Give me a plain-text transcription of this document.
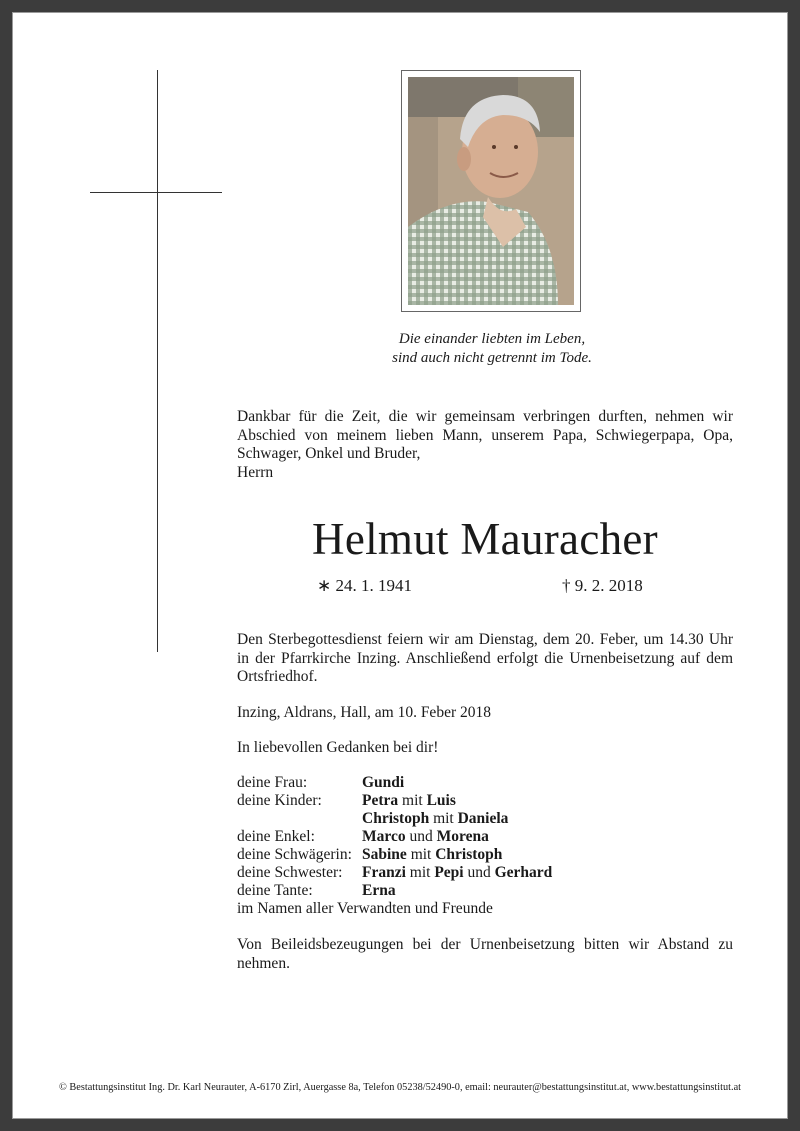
Die einander liebten im Leben,
sind auch nicht getrennt im Tode.
Dankbar für die Zeit, die wir gemeinsam verbringen durften, nehmen wir
Abschied von meinem lieben Mann, unserem Papa, Schwiegerpapa, Opa,
Schwager, Onkel und Bruder,
Herrn
Helmut Mauracher
∗ 24. 1. 1941	† 9. 2. 2018
Den Sterbegottesdienst feiern wir am Dienstag, dem 20. Feber, um 14.30 Uhr
in der Pfarrkirche Inzing. Anschließend erfolgt die Urnenbeisetzung auf dem
Ortsfriedhof.
Inzing, Aldrans, Hall, am 10. Feber 2018
In liebevollen Gedanken bei dir!
deine Frau:	Gundi
deine Kinder:	Petra mit Luis
Christoph mit Daniela
deine Enkel:	Marco und Morena
deine Schwägerin: Sabine mit Christoph
deine Schwester:	Franzi mit Pepi und Gerhard
deine Tante:	Erna
im Namen aller Verwandten und Freunde
Von Beileidsbezeugungen bei der Urnenbeisetzung bitten wir Abstand zu
nehmen.
© Bestattungsinstitut Ing. Dr. Karl Neurauter, A-6170 Zirl, Auergasse 8a, Telefon 05238/52490-0, email: neurauter@bestattungsinstitut.at, www.bestattungsinstitut.at
